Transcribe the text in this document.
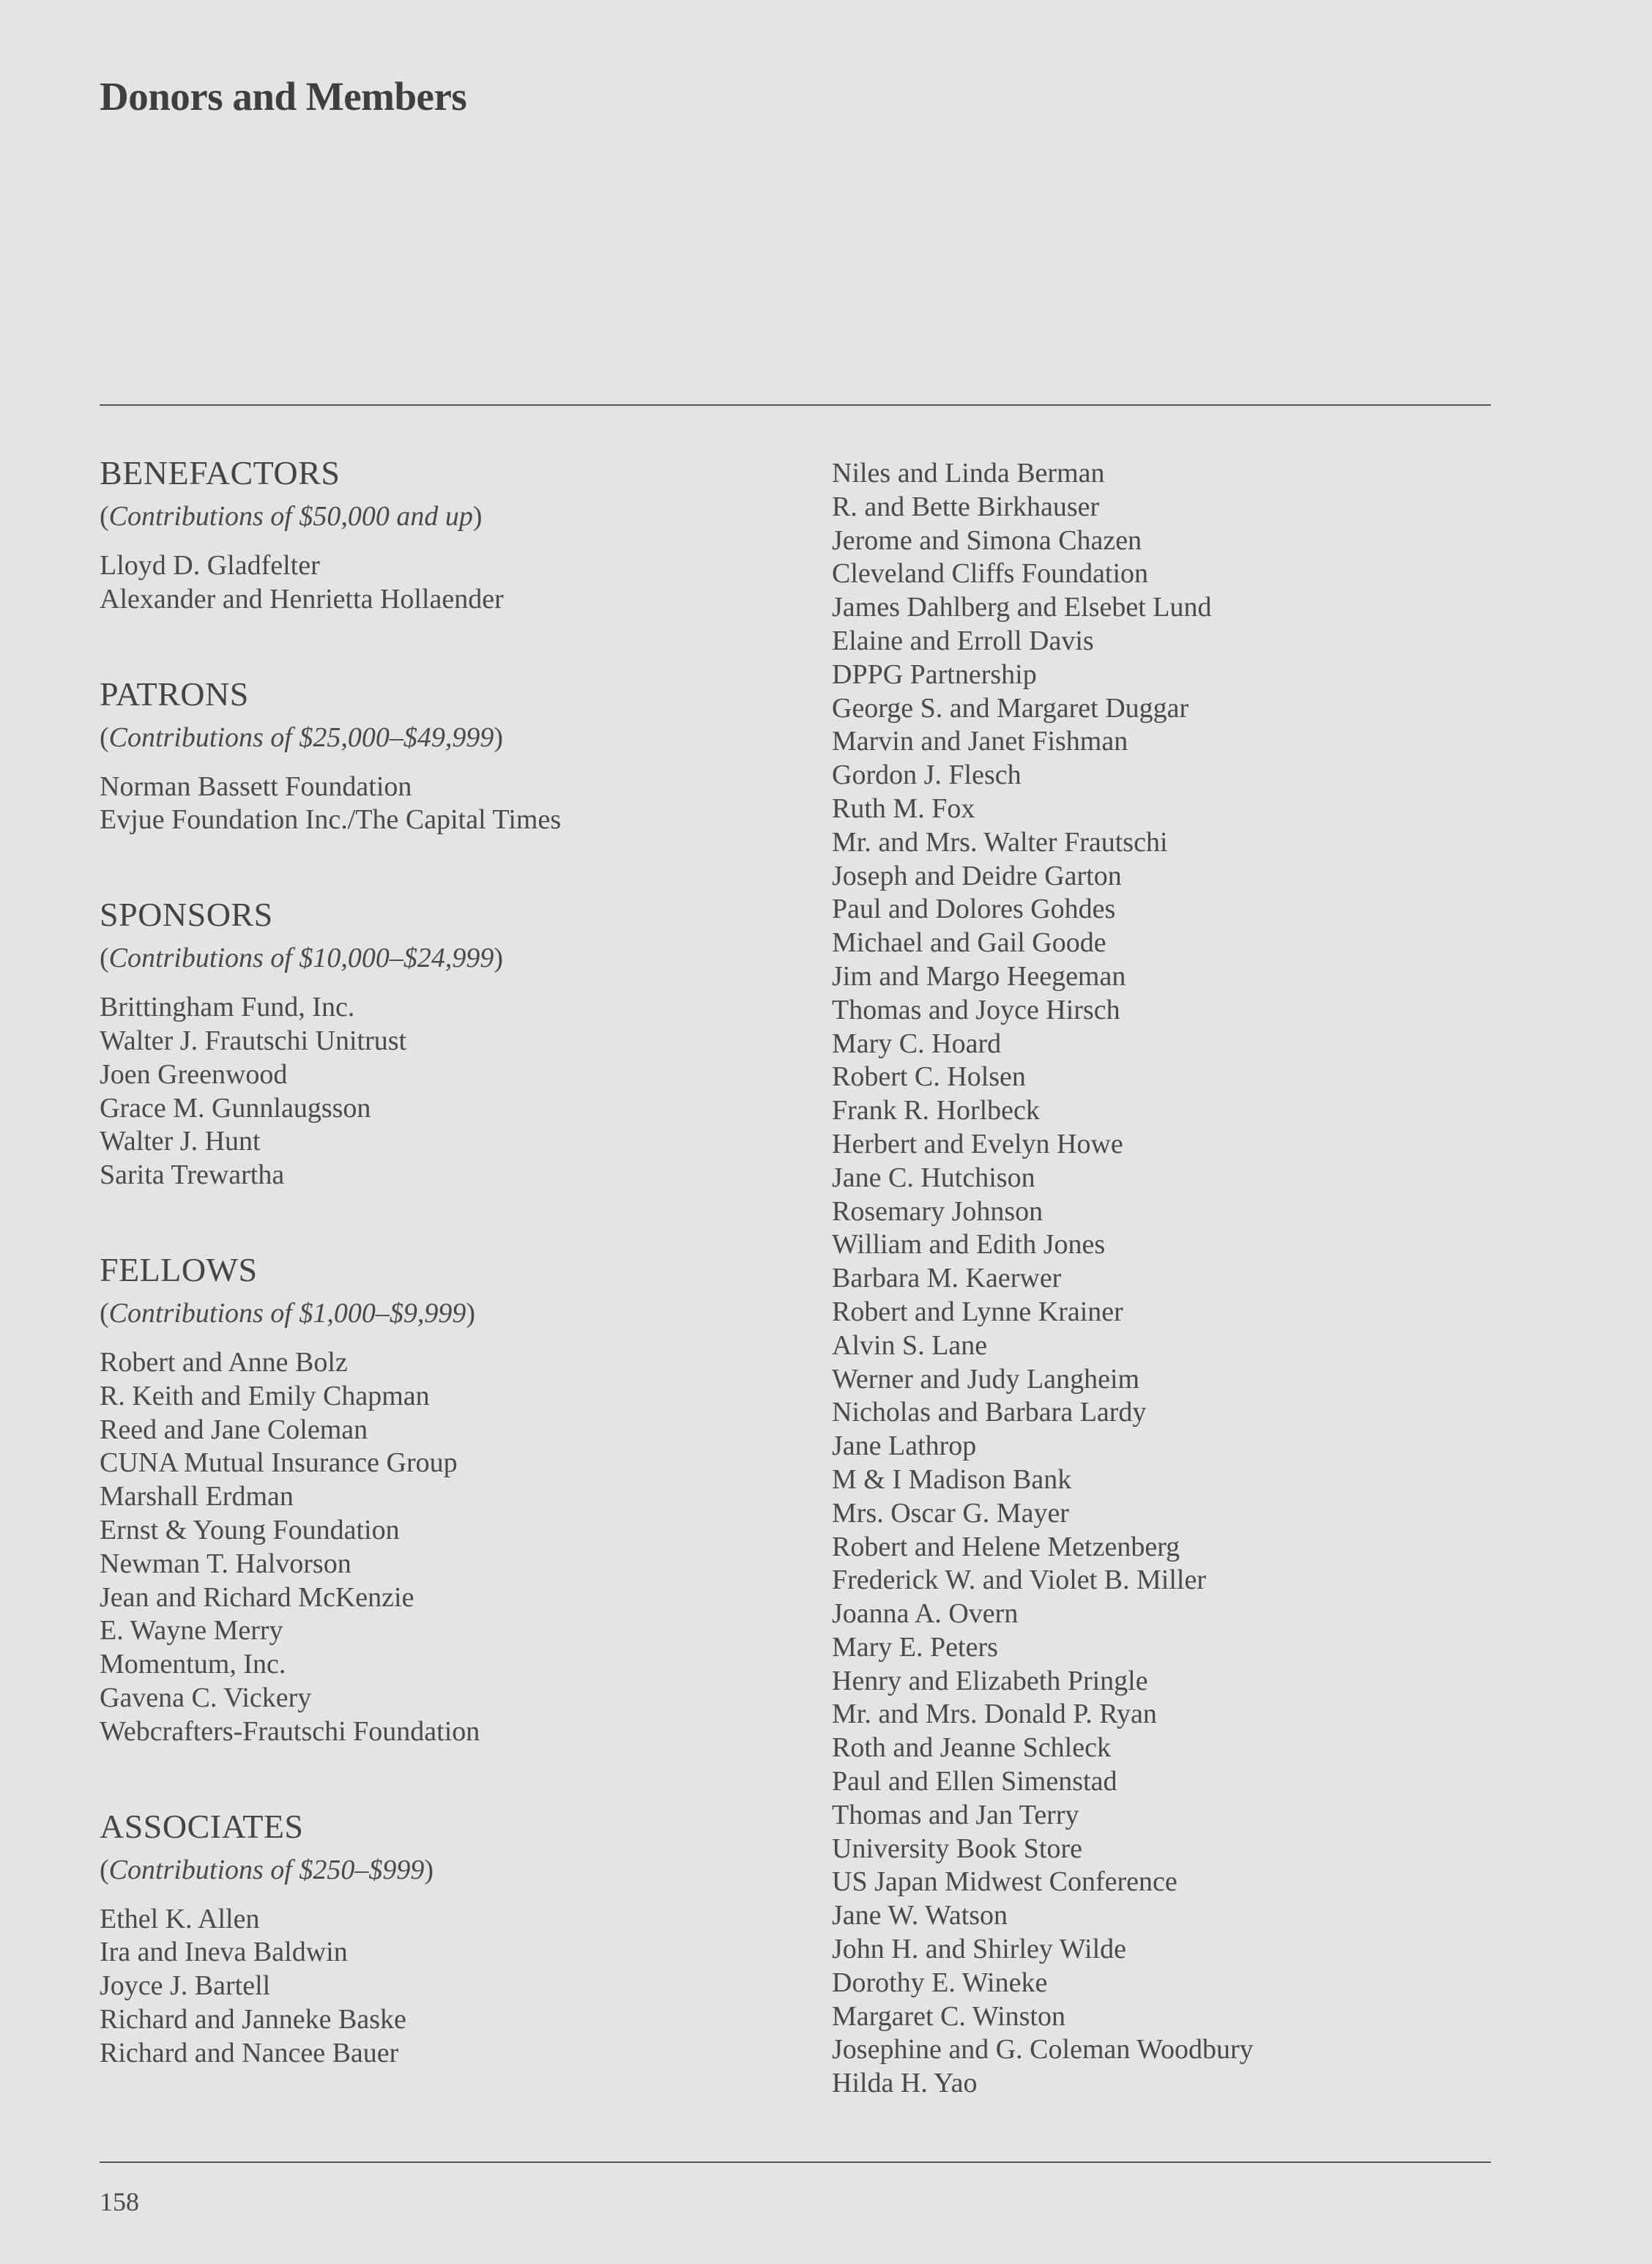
Donors and Members
BENEFACTORS

(Contributions of $50,000 and up)

Lloyd D. Gladfelter
Alexander and Henrietta Hollaender
PATRONS

(Contributions of $25,000–$49,999)

Norman Bassett Foundation
Evjue Foundation Inc./The Capital Times
SPONSORS

(Contributions of $10,000–$24,999)

Brittingham Fund, Inc.
Walter J. Frautschi Unitrust
Joen Greenwood
Grace M. Gunnlaugsson
Walter J. Hunt
Sarita Trewartha
FELLOWS

(Contributions of $1,000–$9,999)

Robert and Anne Bolz
R. Keith and Emily Chapman
Reed and Jane Coleman
CUNA Mutual Insurance Group
Marshall Erdman
Ernst & Young Foundation
Newman T. Halvorson
Jean and Richard McKenzie
E. Wayne Merry
Momentum, Inc.
Gavena C. Vickery
Webcrafters-Frautschi Foundation
ASSOCIATES

(Contributions of $250–$999)

Ethel K. Allen
Ira and Ineva Baldwin
Joyce J. Bartell
Richard and Janneke Baske
Richard and Nancee Bauer
Niles and Linda Berman
R. and Bette Birkhauser
Jerome and Simona Chazen
Cleveland Cliffs Foundation
James Dahlberg and Elsebet Lund
Elaine and Erroll Davis
DPPG Partnership
George S. and Margaret Duggar
Marvin and Janet Fishman
Gordon J. Flesch
Ruth M. Fox
Mr. and Mrs. Walter Frautschi
Joseph and Deidre Garton
Paul and Dolores Gohdes
Michael and Gail Goode
Jim and Margo Heegeman
Thomas and Joyce Hirsch
Mary C. Hoard
Robert C. Holsen
Frank R. Horlbeck
Herbert and Evelyn Howe
Jane C. Hutchison
Rosemary Johnson
William and Edith Jones
Barbara M. Kaerwer
Robert and Lynne Krainer
Alvin S. Lane
Werner and Judy Langheim
Nicholas and Barbara Lardy
Jane Lathrop
M & I Madison Bank
Mrs. Oscar G. Mayer
Robert and Helene Metzenberg
Frederick W. and Violet B. Miller
Joanna A. Overn
Mary E. Peters
Henry and Elizabeth Pringle
Mr. and Mrs. Donald P. Ryan
Roth and Jeanne Schleck
Paul and Ellen Simenstad
Thomas and Jan Terry
University Book Store
US Japan Midwest Conference
Jane W. Watson
John H. and Shirley Wilde
Dorothy E. Wineke
Margaret C. Winston
Josephine and G. Coleman Woodbury
Hilda H. Yao
158
